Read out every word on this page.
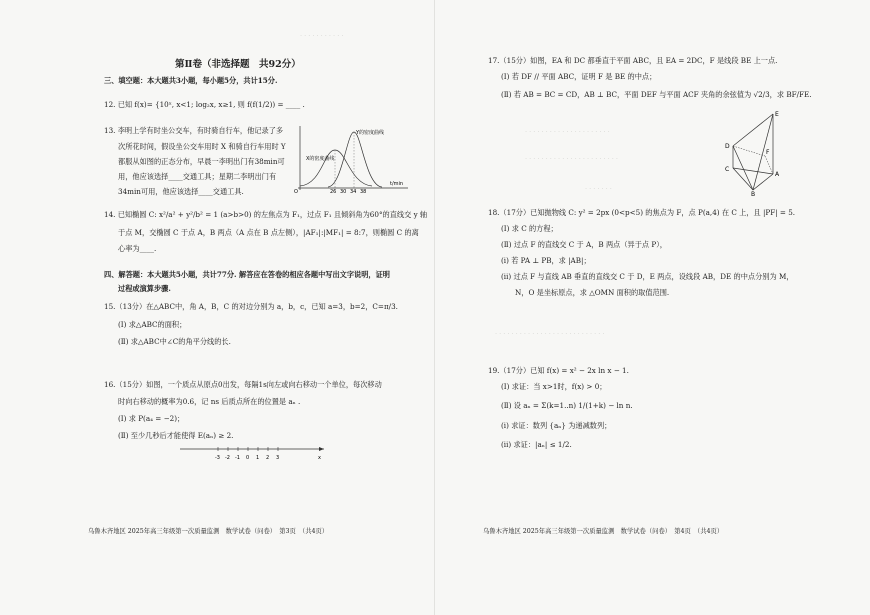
· · · · · · · · · · ·
第Ⅱ卷（非选择题　共92分）
三、填空题：本大题共3小题，每小题5分，共计15分.
12. 已知 f(x)= {10ˣ, x<1; log₂x, x≥1, 则 f(f(1/2)) = ____ .
13. 李明上学有时坐公交车，有时骑自行车，他记录了多
次所花时间，假设坐公交车用时 X 和骑自行车用时 Y
都服从如图的正态分布，早晨一李明出门有38min可
用，他应该选择____交通工具；星期二李明出门有
34min可用，他应该选择____交通工具.
Y的密度曲线
X的密度曲线
O	26 30 34 38
t/min
14. 已知椭圆 C: x²/a² + y²/b² = 1 (a>b>0) 的左焦点为 F₁，过点 F₁ 且倾斜角为60°的直线交 y 轴
于点 M，交椭圆 C 于点 A，B 两点（A 点在 B 点左侧），|AF₁|:|MF₁| = 8:7，则椭圆 C 的离
心率为____.
四、解答题：本大题共5小题，共计77分. 解答应在答卷的相应各题中写出文字说明，证明
过程或演算步骤.
15.（13分）在△ABC中，角 A，B，C 的对边分别为 a，b，c，已知 a=3，b=2，C=π/3.
(Ⅰ) 求△ABC的面积；
(Ⅱ) 求△ABC中∠C的角平分线的长.
16.（15分）如图，一个质点从原点0出发，每隔1s向左或向右移动一个单位，每次移动
时向右移动的概率为0.6，记 ns 后质点所在的位置是 aₙ .
(Ⅰ) 求 P(a₄ = −2)；
(Ⅱ) 至少几秒后才能使得 E(aₙ) ≥ 2.
-3 -2 -1 0 1 2 3	x
乌鲁木齐地区 2025年高三年级第一次质量监测　数学试卷（问卷）　第3页　（共4页）
· · · · · · · · · · · · · · · · · · · · ·
· · · · · · · · · · · · · · · · · · · · · · ·
· · · · · · ·
17.（15分）如图，EA 和 DC 都垂直于平面 ABC，且 EA = 2DC，F 是线段 BE 上一点.
(Ⅰ) 若 DF // 平面 ABC，证明 F 是 BE 的中点；
(Ⅱ) 若 AB = BC = CD，AB ⊥ BC，平面 DEF 与平面 ACF 夹角的余弦值为 √2/3，求 BF/FE.
E
D
F
A
C
B
18.（17分）已知抛物线 C: y² = 2px (0<p<5) 的焦点为 F，点 P(a,4) 在 C 上，且 |PF| = 5.
(Ⅰ) 求 C 的方程；
(Ⅱ) 过点 F 的直线交 C 于 A，B 两点（异于点 P），
(ⅰ) 若 PA ⊥ PB，求 |AB|；
(ⅱ) 过点 F 与直线 AB 垂直的直线交 C 于 D，E 两点，设线段 AB，DE 的中点分别为 M，
N，O 是坐标原点，求 △OMN 面积的取值范围.
· · · · · · · · · · · · · · · · · · · · · · · · · · ·
19.（17分）已知 f(x) = x² − 2x ln x − 1.
(Ⅰ) 求证：当 x>1时，f(x) > 0；
(Ⅱ) 设 aₙ = Σ(k=1..n) 1/(1+k) − ln n.
(ⅰ) 求证：数列 {aₙ} 为递减数列；
(ⅱ) 求证：|aₙ| ≤ 1/2.
乌鲁木齐地区 2025年高三年级第一次质量监测　数学试卷（问卷）　第4页　（共4页）
